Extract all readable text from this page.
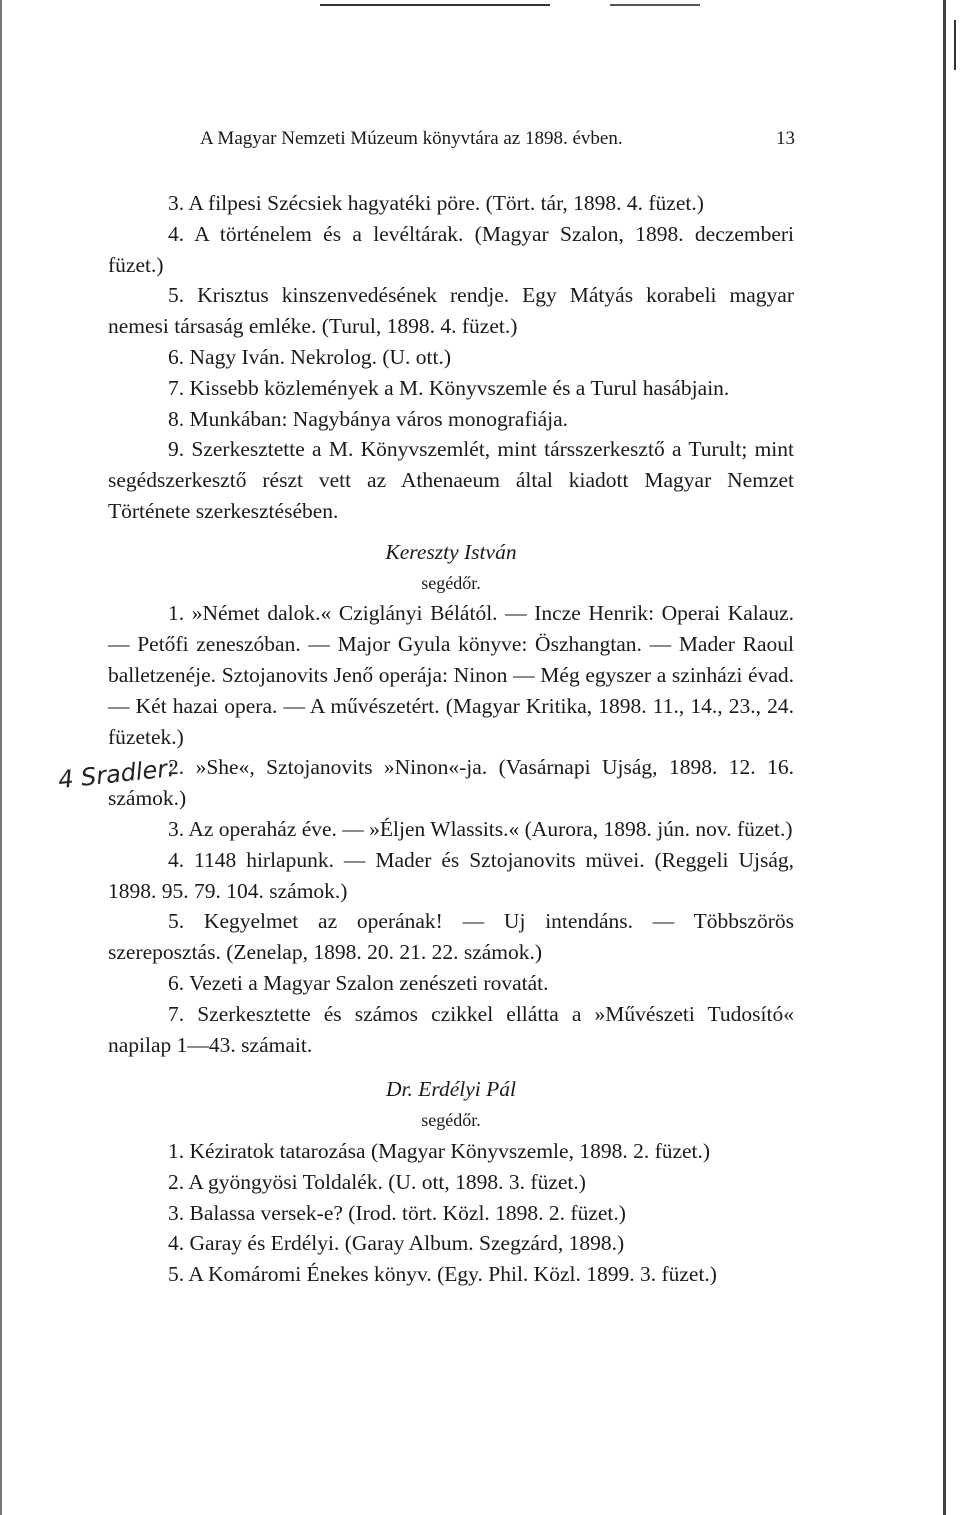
A Magyar Nemzeti Múzeum könyvtára az 1898. évben.	13
4 Sradler:

3. A filpesi Szécsiek hagyatéki pöre. (Tört. tár, 1898. 4. füzet.)

4. A történelem és a levéltárak. (Magyar Szalon, 1898. deczemberi füzet.)

5. Krisztus kinszenvedésének rendje. Egy Mátyás korabeli magyar nemesi társaság emléke. (Turul, 1898. 4. füzet.)

6. Nagy Iván. Nekrolog. (U. ott.)

7. Kissebb közlemények a M. Könyvszemle és a Turul hasábjain.

8. Munkában: Nagybánya város monografiája.

9. Szerkesztette a M. Könyvszemlét, mint társszerkesztő a Turult; mint segédszerkesztő részt vett az Athenaeum által kiadott Magyar Nemzet Története szerkesztésében.

Kereszty István

segédőr.

1. »Német dalok.« Cziglányi Bélától. — Incze Henrik: Operai Kalauz. — Petőfi zeneszóban. — Major Gyula könyve: Öszhangtan. — Mader Raoul balletzenéje. Sztojanovits Jenő operája: Ninon — Még egyszer a szinházi évad. — Két hazai opera. — A művészetért. (Magyar Kritika, 1898. 11., 14., 23., 24. füzetek.)

2. »She«, Sztojanovits »Ninon«-ja. (Vasárnapi Ujság, 1898. 12. 16. számok.)

3. Az operaház éve. — »Éljen Wlassits.« (Aurora, 1898. jún. nov. füzet.)

4. 1148 hirlapunk. — Mader és Sztojanovits müvei. (Reggeli Ujság, 1898. 95. 79. 104. számok.)

5. Kegyelmet az operának! — Uj intendáns. — Többszörös szereposztás. (Zenelap, 1898. 20. 21. 22. számok.)

6. Vezeti a Magyar Szalon zenészeti rovatát.

7. Szerkesztette és számos czikkel ellátta a »Művészeti Tudosító« napilap 1—43. számait.

Dr. Erdélyi Pál

segédőr.

1. Kéziratok tatarozása (Magyar Könyvszemle, 1898. 2. füzet.)

2. A gyöngyösi Toldalék. (U. ott, 1898. 3. füzet.)

3. Balassa versek-e? (Irod. tört. Közl. 1898. 2. füzet.)

4. Garay és Erdélyi. (Garay Album. Szegzárd, 1898.)

5. A Komáromi Énekes könyv. (Egy. Phil. Közl. 1899. 3. füzet.)
